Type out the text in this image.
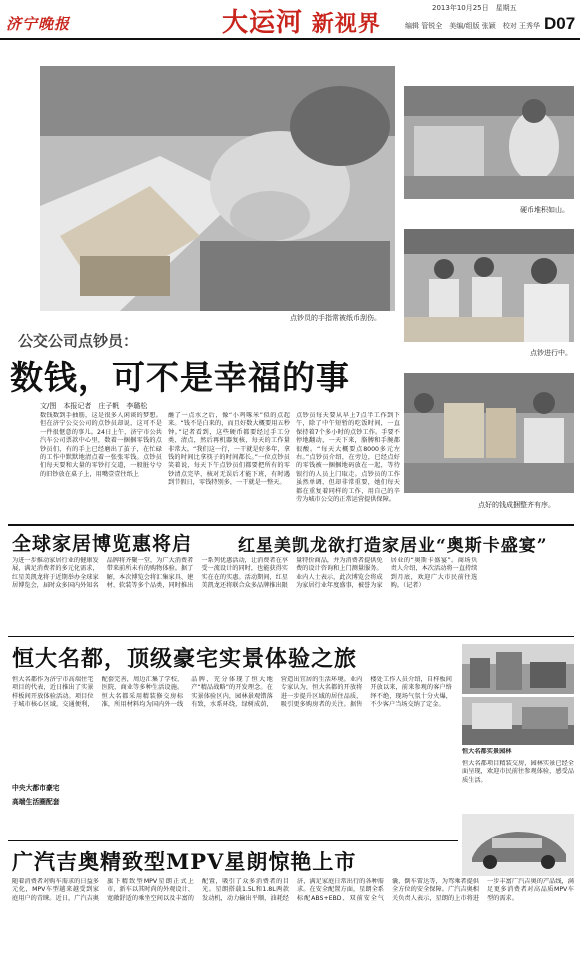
济宁晚报	大运河 新视界
2013年10月25日　星期五
编辑 管锐全　美编/组版 张颖　校对 王秀华 D07
点钞员的手指常被纸币刮伤。
硬币堆积如山。
点钞进行中。
点好的钱成捆整齐有序。
公交公司点钞员：
数钱，可不是幸福的事
文/图　本报记者　庄子帆　李璐松
数钱数到手抽筋，这是很多人闲谈的梦想。但在济宁公交公司的点钞员却说，这可不是一件很惬意的事儿。24日上午，济宁市公共汽车公司票款中心里，数着一捆捆零钱的点钞员们，有的手上已经磨出了茧子，在忙碌的工作中默默地清点着一张张零钱。点钞员们每天要和大量的零钞打交道，一般脏兮兮的旧钞放在桌子上，用嘴壹壹往纸上
蘸了一点水之后，像“小鸡啄米”似的点起来。“钱不是白来的，而且好数大概要用五秒钟。”记者看到，这些硬币都要经过手工分类、清点，然后再机器复核，每天的工作量非常大。“我们这一行，一干就是好多年，拿钱的时间比拿筷子的时间都长。”一位点钞员笑着说，每天下午点钞员们都要把所有的零钞清点完毕，核对无误后才能下班，有时遇到节假日，零钱特别多，一干就是一整天。
点钞员每天要从早上7点半工作到下午，除了中午短暂的吃饭时间，一直保持着7个多小时的点钞工作。手要不停地翻动，一天下来，胳膊和手腕都很酸。“每天大概要点8000多元左右。”点钞员介绍，在旁边，已经点好的零钱被一捆捆地码放在一起，等待银行的人员上门取走。点钞员的工作虽然单调，但却非常重要，她们每天都在重复着同样的工作，用自己的辛劳为城市公交的正常运营提供保障。
全球家居博览惠将启	红星美凯龙欲打造家居业“奥斯卡盛宴”
为进一步推动家居行业的健康发展，满足消费者的多元化需求，红星美凯龙将于近期举办全球家居博览会，届时众多国内外知名品牌将齐聚一堂，为广大消费者带来前所未有的购物体验。据了解，本次博览会将汇集家具、建材、软装等多个品类，同时推出一系列优惠活动，让消费者在享受一流设计的同时，也能获得实实在在的实惠。活动期间，红星美凯龙还将联合众多品牌推出限量特价商品，并为消费者提供免费的设计咨询和上门测量服务。业内人士表示，此次博览会将成为家居行业年度盛事，被誉为家居业的“奥斯卡盛宴”。商场负责人介绍，本次活动将一直持续到月底，欢迎广大市民前往选购。（记者）
恒大名都，顶级豪宅实景体验之旅
恒大名都作为济宁市高端住宅项目的代表，近日推出了实景样板间开放体验活动。项目位于城市核心区域，交通便利，配套完善，周边汇集了学校、医院、商业等多种生活设施。恒大名都采用精装修交房标准，所用材料均为国内外一线品牌，充分体现了恒大地产“精品战略”的开发理念。在实景体验区内，园林景观错落有致，水系环绕，绿树成荫，营造出宜居的生活环境。业内专家认为，恒大名都的开放将进一步提升区域的居住品质，吸引更多购房者的关注。据售楼处工作人员介绍，自样板间开放以来，前来参观的客户络绎不绝，现场气氛十分火爆，不少客户当场交纳了定金。
中央大都市豪宅
高端生活圈配套
恒大名都实景园林
恒大名都项目精装交房，园林实景已经全面呈现，欢迎市民前往参观体验，感受品质生活。
广汽吉奥精致型MPV星朗惊艳上市
随着消费者对购车需求的日益多元化，MPV车型越来越受到家庭用户的青睐。近日，广汽吉奥旗下精致型MPV星朗正式上市，新车以其时尚的外观设计、宽敞舒适的乘坐空间以及丰富的配置，吸引了众多消费者的目光。星朗搭载1.5L和1.8L两款发动机，动力输出平顺，油耗经济，满足家庭日常出行的各种需求。在安全配置方面，星朗全系标配ABS+EBD、双前安全气囊、倒车雷达等，为驾乘者提供全方位的安全保障。广汽吉奥相关负责人表示，星朗的上市将进一步丰富广汽吉奥的产品线，满足更多消费者对高品质MPV车型的需求。
